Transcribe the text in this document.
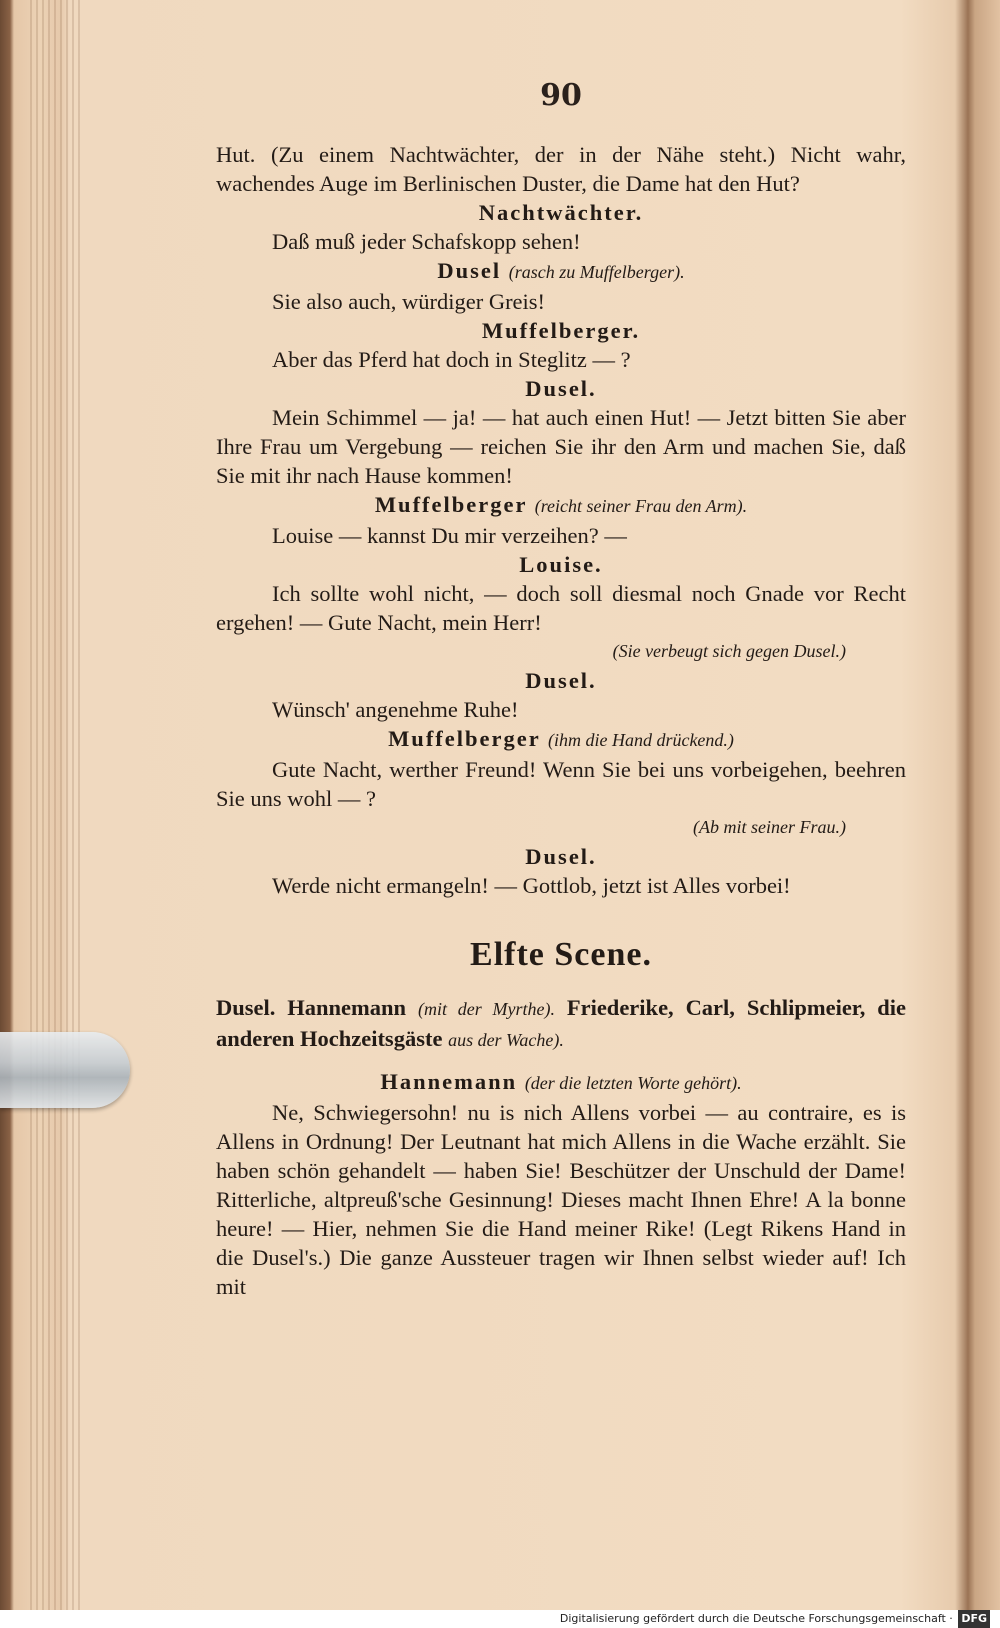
90

Hut. (Zu einem Nachtwächter, der in der Nähe steht.) Nicht wahr, wachendes Auge im Berlinischen Duster, die Dame hat den Hut?

Nachtwächter.

Daß muß jeder Schafskopp sehen!

Dusel (rasch zu Muffelberger).

Sie also auch, würdiger Greis!

Muffelberger.

Aber das Pferd hat doch in Steglitz — ?

Dusel.

Mein Schimmel — ja! — hat auch einen Hut! — Jetzt bitten Sie aber Ihre Frau um Vergebung — reichen Sie ihr den Arm und machen Sie, daß Sie mit ihr nach Hause kommen!

Muffelberger (reicht seiner Frau den Arm).

Louise — kannst Du mir verzeihen? —

Louise.

Ich sollte wohl nicht, — doch soll diesmal noch Gnade vor Recht ergehen! — Gute Nacht, mein Herr!

(Sie verbeugt sich gegen Dusel.)

Dusel.

Wünsch' angenehme Ruhe!

Muffelberger (ihm die Hand drückend.)

Gute Nacht, werther Freund! Wenn Sie bei uns vorbeigehen, beehren Sie uns wohl — ?

(Ab mit seiner Frau.)

Dusel.

Werde nicht ermangeln! — Gottlob, jetzt ist Alles vorbei!

Elfte Scene.

Dusel. Hannemann (mit der Myrthe). Friederike, Carl, Schlipmeier, die anderen Hochzeitsgäste aus der Wache).

Hannemann (der die letzten Worte gehört).

Ne, Schwiegersohn! nu is nich Allens vorbei — au contraire, es is Allens in Ordnung! Der Leutnant hat mich Allens in die Wache erzählt. Sie haben schön gehandelt — haben Sie! Beschützer der Unschuld der Dame! Ritterliche, altpreuß'sche Gesinnung! Dieses macht Ihnen Ehre! A la bonne heure! — Hier, nehmen Sie die Hand meiner Rike! (Legt Rikens Hand in die Dusel's.) Die ganze Aussteuer tragen wir Ihnen selbst wieder auf! Ich mit

Digitalisierung gefördert durch die Deutsche Forschungsgemeinschaft · DFG
